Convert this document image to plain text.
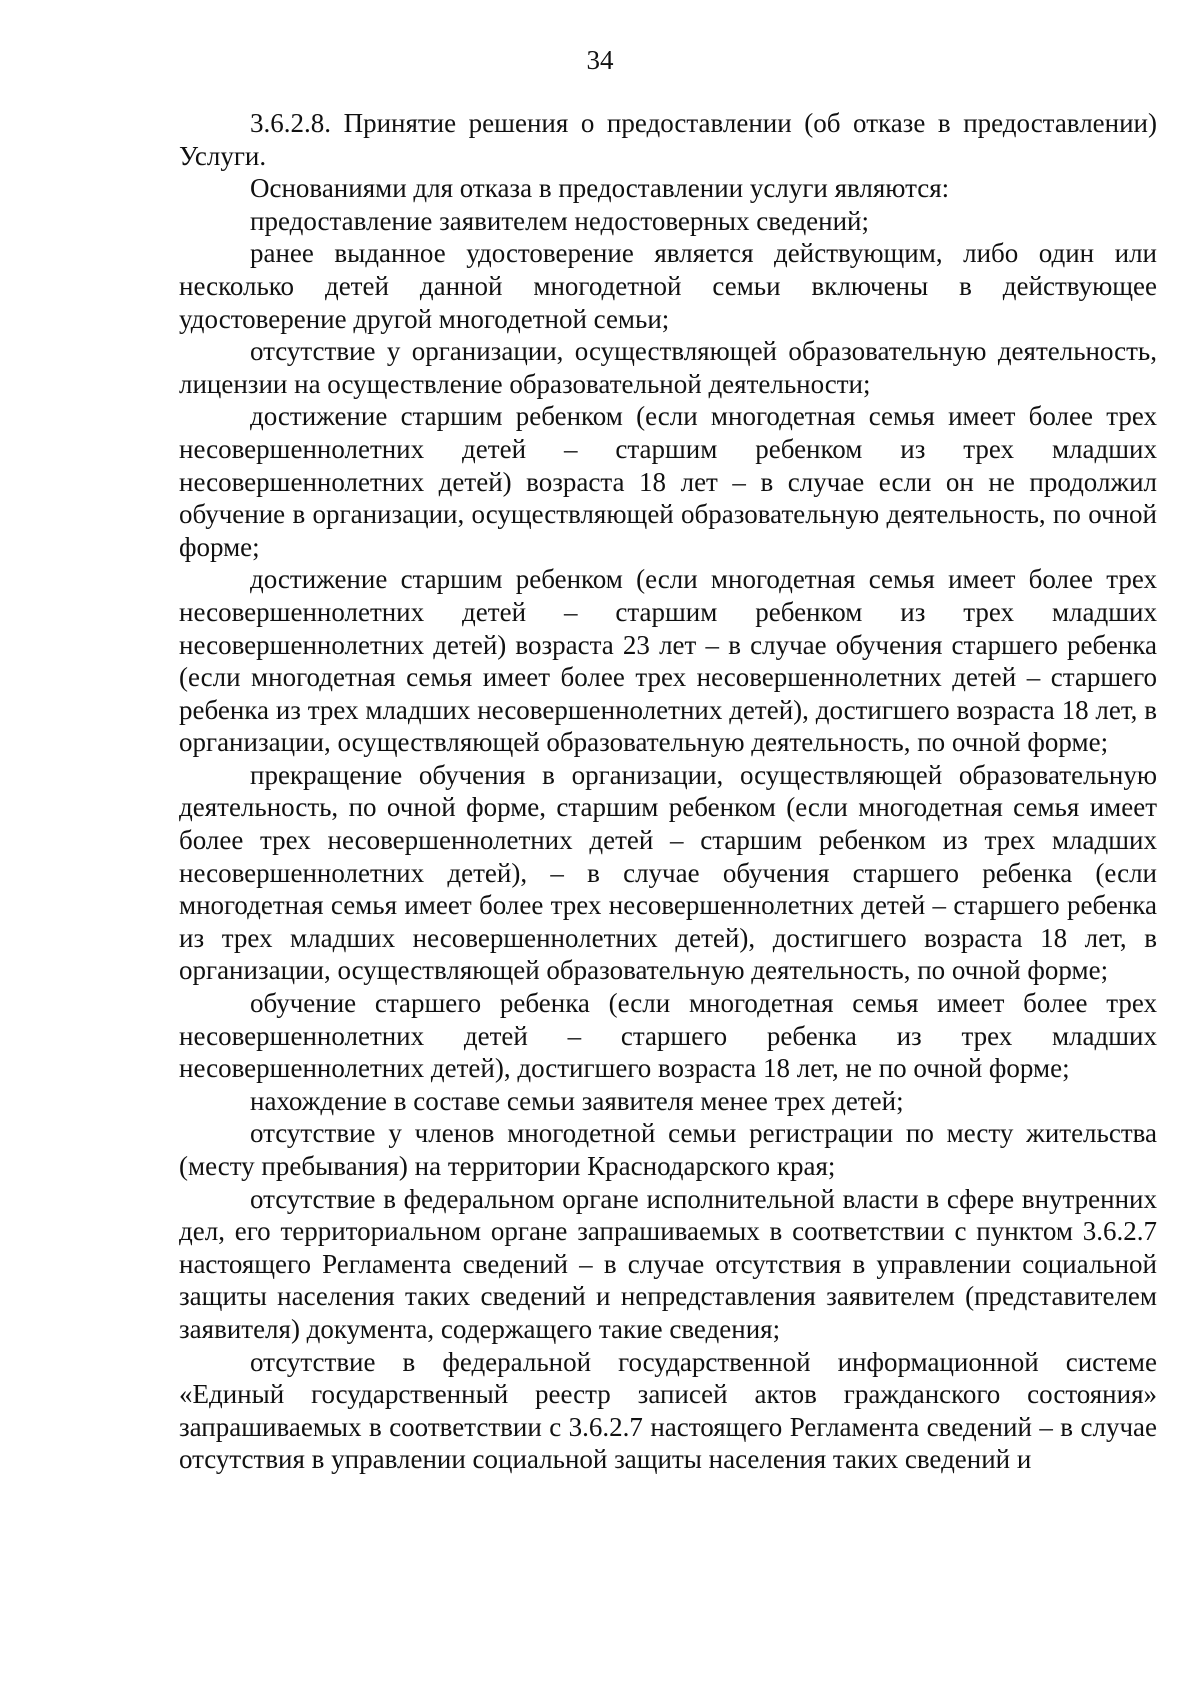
34

3.6.2.8. Принятие решения о предоставлении (об отказе в предоставлении) Услуги.

Основаниями для отказа в предоставлении услуги являются:

предоставление заявителем недостоверных сведений;

ранее выданное удостоверение является действующим, либо один или несколько детей данной многодетной семьи включены в действующее удостоверение другой многодетной семьи;

отсутствие у организации, осуществляющей образовательную деятельность, лицензии на осуществление образовательной деятельности;

достижение старшим ребенком (если многодетная семья имеет более трех несовершеннолетних детей – старшим ребенком из трех младших несовершеннолетних детей) возраста 18 лет – в случае если он не продолжил обучение в организации, осуществляющей образовательную деятельность, по очной форме;

достижение старшим ребенком (если многодетная семья имеет более трех несовершеннолетних детей – старшим ребенком из трех младших несовершеннолетних детей) возраста 23 лет – в случае обучения старшего ребенка (если многодетная семья имеет более трех несовершеннолетних детей – старшего ребенка из трех младших несовершеннолетних детей), достигшего возраста 18 лет, в организации, осуществляющей образовательную деятельность, по очной форме;

прекращение обучения в организации, осуществляющей образовательную деятельность, по очной форме, старшим ребенком (если многодетная семья имеет более трех несовершеннолетних детей – старшим ребенком из трех младших несовершеннолетних детей), – в случае обучения старшего ребенка (если многодетная семья имеет более трех несовершеннолетних детей – старшего ребенка из трех младших несовершеннолетних детей), достигшего возраста 18 лет, в организации, осуществляющей образовательную деятельность, по очной форме;

обучение старшего ребенка (если многодетная семья имеет более трех несовершеннолетних детей – старшего ребенка из трех младших несовершеннолетних детей), достигшего возраста 18 лет, не по очной форме;

нахождение в составе семьи заявителя менее трех детей;

отсутствие у членов многодетной семьи регистрации по месту жительства (месту пребывания) на территории Краснодарского края;

отсутствие в федеральном органе исполнительной власти в сфере внутренних дел, его территориальном органе запрашиваемых в соответствии с пунктом 3.6.2.7 настоящего Регламента сведений – в случае отсутствия в управлении социальной защиты населения таких сведений и непредставления заявителем (представителем заявителя) документа, содержащего такие сведения;

отсутствие в федеральной государственной информационной системе «Единый государственный реестр записей актов гражданского состояния» запрашиваемых в соответствии с 3.6.2.7 настоящего Регламента сведений – в случае отсутствия в управлении социальной защиты населения таких сведений и
